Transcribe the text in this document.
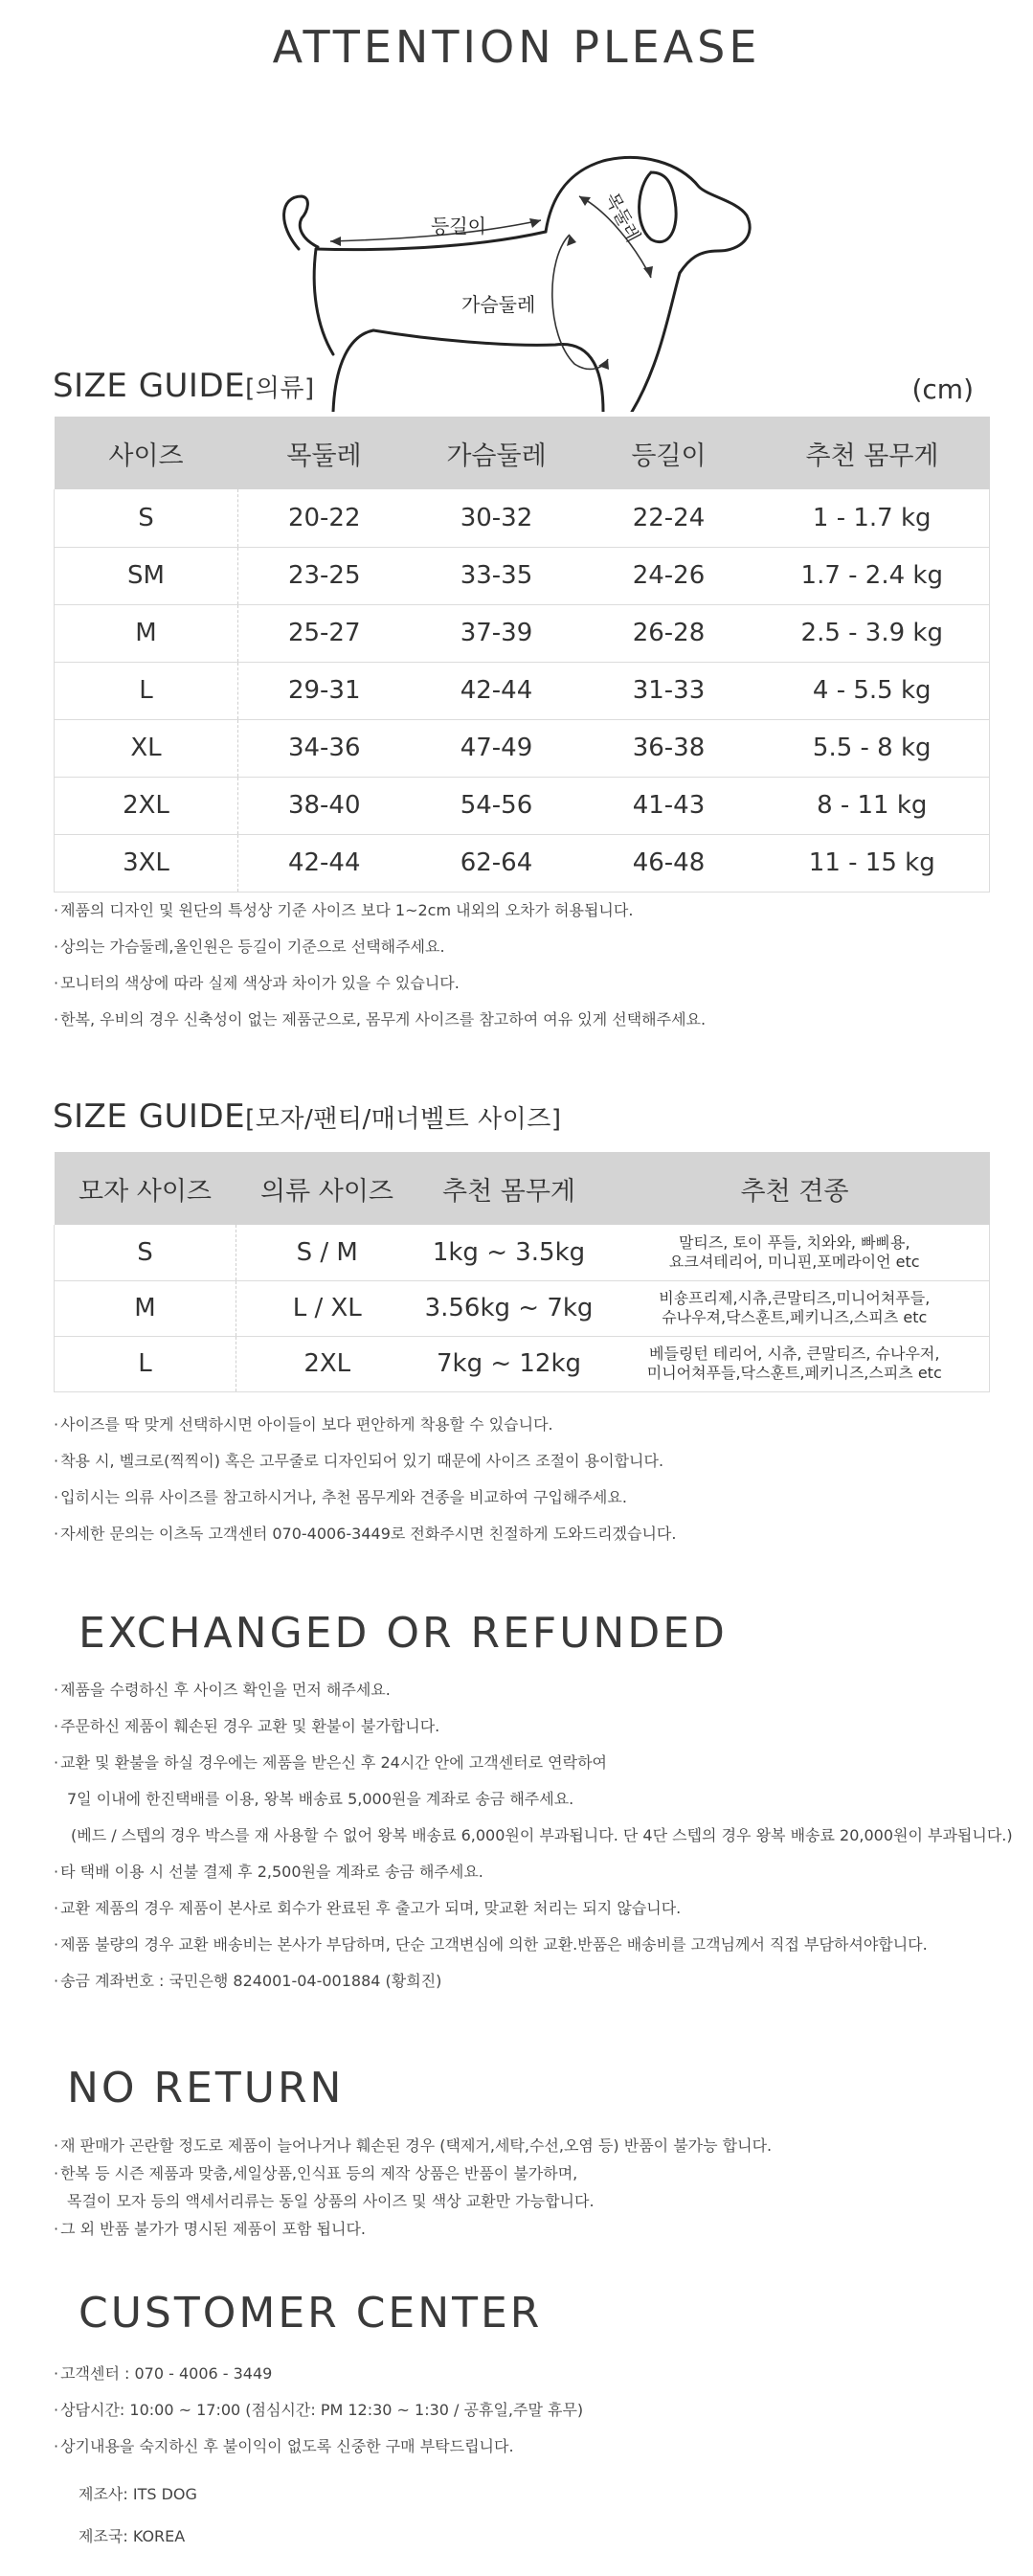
ATTENTION PLEASE
등길이
가슴둘레
목둘레
SIZE GUIDE[의류]	(cm)
사이즈	목둘레	가슴둘레	등길이	추천 몸무게
S	20-22	30-32	22-24	1 - 1.7 kg
SM	23-25	33-35	24-26	1.7 - 2.4 kg
M	25-27	37-39	26-28	2.5 - 3.9 kg
L	29-31	42-44	31-33	4 - 5.5 kg
XL	34-36	47-49	36-38	5.5 - 8 kg
2XL	38-40	54-56	41-43	8 - 11 kg
3XL	42-44	62-64	46-48	11 - 15 kg
· 제품의 디자인 및 원단의 특성상 기준 사이즈 보다 1~2cm 내외의 오차가 허용됩니다.
· 상의는 가슴둘레,올인원은 등길이 기준으로 선택해주세요.
· 모니터의 색상에 따라 실제 색상과 차이가 있을 수 있습니다.
· 한복, 우비의 경우 신축성이 없는 제품군으로, 몸무게 사이즈를 참고하여 여유 있게 선택해주세요.
SIZE GUIDE[모자/팬티/매너벨트 사이즈]
모자 사이즈	의류 사이즈	추천 몸무게	추천 견종
S	S / M	1kg ~ 3.5kg	말티즈, 토이 푸들, 치와와, 빠삐용,
요크셔테리어, 미니핀,포메라이언 etc

M	L / XL	3.56kg ~ 7kg	비숑프리제,시츄,큰말티즈,미니어쳐푸들,
슈나우져,닥스훈트,페키니즈,스피츠 etc

L	2XL	7kg ~ 12kg	베들링턴 테리어, 시츄, 큰말티즈, 슈나우저,
미니어쳐푸들,닥스훈트,페키니즈,스피츠 etc
· 사이즈를 딱 맞게 선택하시면 아이들이 보다 편안하게 착용할 수 있습니다.
· 착용 시, 벨크로(찍찍이) 혹은 고무줄로 디자인되어 있기 때문에 사이즈 조절이 용이합니다.
· 입히시는 의류 사이즈를 참고하시거나, 추천 몸무게와 견종을 비교하여 구입해주세요.
· 자세한 문의는 이츠독 고객센터 070-4006-3449로 전화주시면 친절하게 도와드리겠습니다.
EXCHANGED OR REFUNDED
· 제품을 수령하신 후 사이즈 확인을 먼저 해주세요.
· 주문하신 제품이 훼손된 경우 교환 및 환불이 불가합니다.
· 교환 및 환불을 하실 경우에는 제품을 받은신 후 24시간 안에 고객센터로 연락하여
7일 이내에 한진택배를 이용, 왕복 배송료 5,000원을 계좌로 송금 해주세요.
(베드 / 스텝의 경우 박스를 재 사용할 수 없어 왕복 배송료 6,000원이 부과됩니다. 단 4단 스텝의 경우 왕복 배송료 20,000원이 부과됩니다.)
· 타 택배 이용 시 선불 결제 후 2,500원을 계좌로 송금 해주세요.
· 교환 제품의 경우 제품이 본사로 회수가 완료된 후 출고가 되며, 맞교환 처리는 되지 않습니다.
· 제품 불량의 경우 교환 배송비는 본사가 부담하며, 단순 고객변심에 의한 교환.반품은 배송비를 고객님께서 직접 부담하셔야합니다.
· 송금 계좌번호 : 국민은행 824001-04-001884 (황희진)
NO RETURN
· 재 판매가 곤란할 정도로 제품이 늘어나거나 훼손된 경우 (택제거,세탁,수선,오염 등) 반품이 불가능 합니다.
· 한복 등 시즌 제품과 맞춤,세일상품,인식표 등의 제작 상품은 반품이 불가하며,
목걸이 모자 등의 액세서리류는 동일 상품의 사이즈 및 색상 교환만 가능합니다.
· 그 외 반품 불가가 명시된 제품이 포함 됩니다.
CUSTOMER CENTER
· 고객센터 : 070 - 4006 - 3449
· 상담시간: 10:00 ~ 17:00 (점심시간: PM 12:30 ~ 1:30 / 공휴일,주말 휴무)
· 상기내용을 숙지하신 후 불이익이 없도록 신중한 구매 부탁드립니다.
제조사: ITS DOG
제조국: KOREA
